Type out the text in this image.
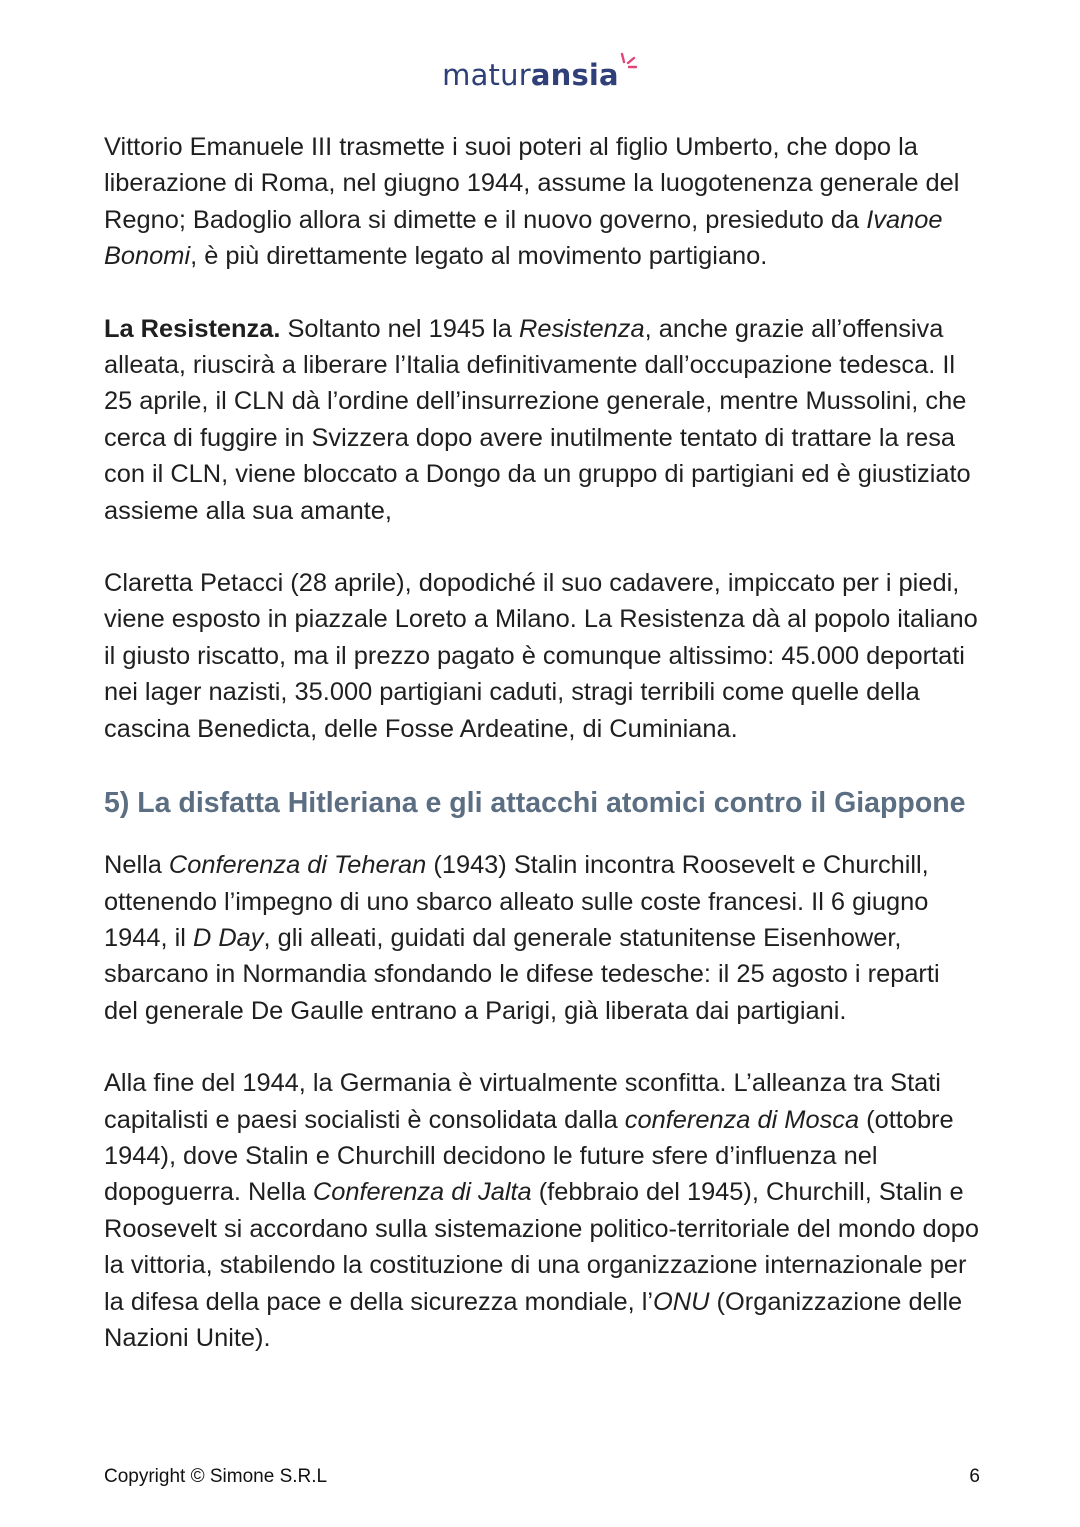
maturansia

Vittorio Emanuele III trasmette i suoi poteri al figlio Umberto, che dopo la liberazione di Roma, nel giugno 1944, assume la luogotenenza generale del Regno; Badoglio allora si dimette e il nuovo governo, presieduto da Ivanoe Bonomi, è più direttamente legato al movimento partigiano.

La Resistenza. Soltanto nel 1945 la Resistenza, anche grazie all’offensiva alleata, riuscirà a liberare l’Italia definitivamente dall’occupazione tedesca. Il 25 aprile, il CLN dà l’ordine dell’insurrezione generale, mentre Mussolini, che cerca di fuggire in Svizzera dopo avere inutilmente tentato di trattare la resa con il CLN, viene bloccato a Dongo da un gruppo di partigiani ed è giustiziato assieme alla sua amante,

Claretta Petacci (28 aprile), dopodiché il suo cadavere, impiccato per i piedi, viene esposto in piazzale Loreto a Milano. La Resistenza dà al popolo italiano il giusto riscatto, ma il prezzo pagato è comunque altissimo: 45.000 deportati nei lager nazisti, 35.000 partigiani caduti, stragi terribili come quelle della cascina Benedicta, delle Fosse Ardeatine, di Cuminiana.

5) La disfatta Hitleriana e gli attacchi atomici contro il Giappone

Nella Conferenza di Teheran (1943) Stalin incontra Roosevelt e Churchill, ottenendo l’impegno di uno sbarco alleato sulle coste francesi. Il 6 giugno 1944, il D Day, gli alleati, guidati dal generale statunitense Eisenhower, sbarcano in Normandia sfondando le difese tedesche: il 25 agosto i reparti del generale De Gaulle entrano a Parigi, già liberata dai partigiani.

Alla fine del 1944, la Germania è virtualmente sconfitta. L’alleanza tra Stati capitalisti e paesi socialisti è consolidata dalla conferenza di Mosca (ottobre 1944), dove Stalin e Churchill decidono le future sfere d’influenza nel dopoguerra. Nella Conferenza di Jalta (febbraio del 1945), Churchill, Stalin e Roosevelt si accordano sulla sistemazione politico-territoriale del mondo dopo la vittoria, stabilendo la costituzione di una organizzazione internazionale per la difesa della pace e della sicurezza mondiale, l’ONU (Organizzazione delle Nazioni Unite).

Copyright © Simone S.R.L	6
